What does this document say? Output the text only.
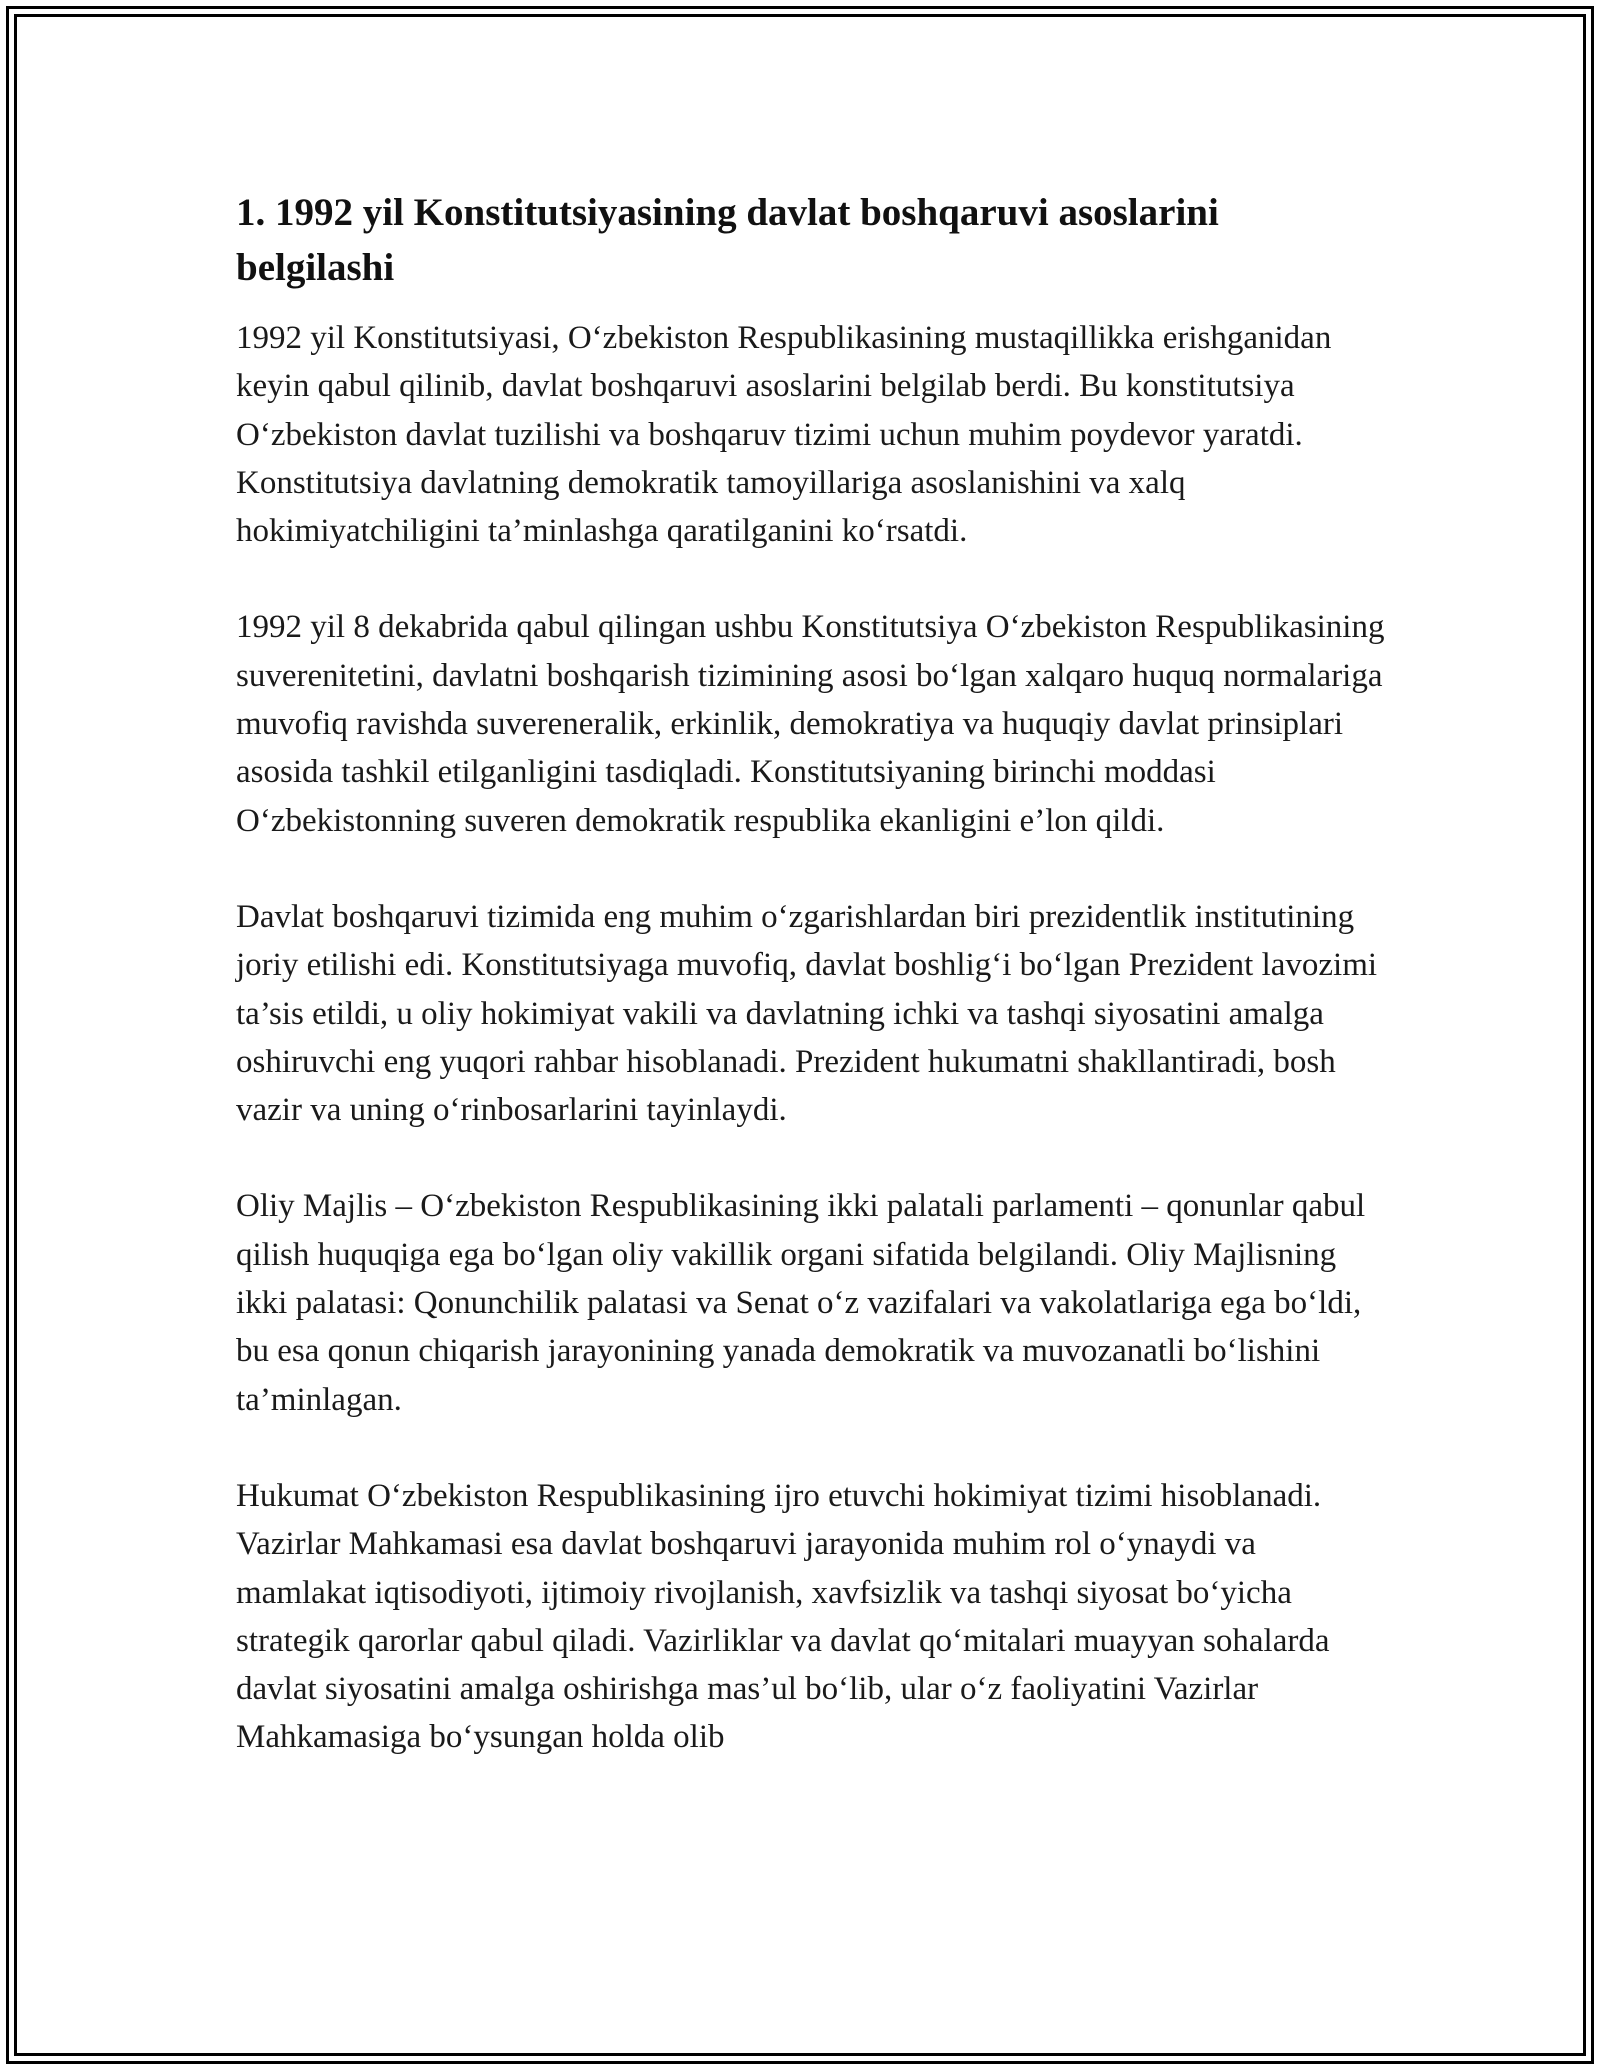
1. 1992 yil Konstitutsiyasining davlat boshqaruvi asoslarini belgilashi

1992 yil Konstitutsiyasi, O‘zbekiston Respublikasining mustaqillikka erishganidan keyin qabul qilinib, davlat boshqaruvi asoslarini belgilab berdi. Bu konstitutsiya O‘zbekiston davlat tuzilishi va boshqaruv tizimi uchun muhim poydevor yaratdi. Konstitutsiya davlatning demokratik tamoyillariga asoslanishini va xalq hokimiyatchiligini ta’minlashga qaratilganini ko‘rsatdi.

1992 yil 8 dekabrida qabul qilingan ushbu Konstitutsiya O‘zbekiston Respublikasining suverenitetini, davlatni boshqarish tizimining asosi bo‘lgan xalqaro huquq normalariga muvofiq ravishda suvereneralik, erkinlik, demokratiya va huquqiy davlat prinsiplari asosida tashkil etilganligini tasdiqladi. Konstitutsiyaning birinchi moddasi O‘zbekistonning suveren demokratik respublika ekanligini e’lon qildi.

Davlat boshqaruvi tizimida eng muhim o‘zgarishlardan biri prezidentlik institutining joriy etilishi edi. Konstitutsiyaga muvofiq, davlat boshlig‘i bo‘lgan Prezident lavozimi ta’sis etildi, u oliy hokimiyat vakili va davlatning ichki va tashqi siyosatini amalga oshiruvchi eng yuqori rahbar hisoblanadi. Prezident hukumatni shakllantiradi, bosh vazir va uning o‘rinbosarlarini tayinlaydi.

Oliy Majlis – O‘zbekiston Respublikasining ikki palatali parlamenti – qonunlar qabul qilish huquqiga ega bo‘lgan oliy vakillik organi sifatida belgilandi. Oliy Majlisning ikki palatasi: Qonunchilik palatasi va Senat o‘z vazifalari va vakolatlariga ega bo‘ldi, bu esa qonun chiqarish jarayonining yanada demokratik va muvozanatli bo‘lishini ta’minlagan.

Hukumat O‘zbekiston Respublikasining ijro etuvchi hokimiyat tizimi hisoblanadi. Vazirlar Mahkamasi esa davlat boshqaruvi jarayonida muhim rol o‘ynaydi va mamlakat iqtisodiyoti, ijtimoiy rivojlanish, xavfsizlik va tashqi siyosat bo‘yicha strategik qarorlar qabul qiladi. Vazirliklar va davlat qo‘mitalari muayyan sohalarda davlat siyosatini amalga oshirishga mas’ul bo‘lib, ular o‘z faoliyatini Vazirlar Mahkamasiga bo‘ysungan holda olib
